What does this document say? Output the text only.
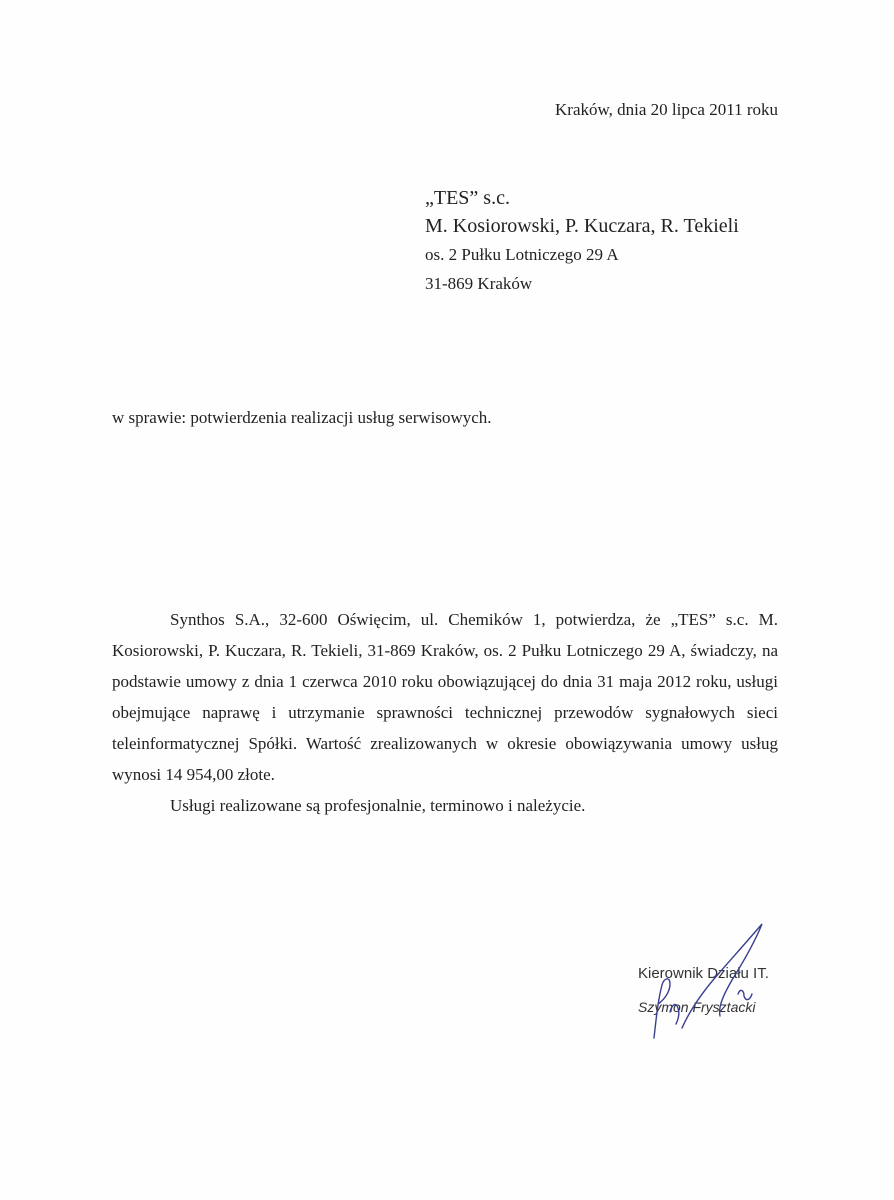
Kraków, dnia 20 lipca 2011 roku
„TES” s.c.
M. Kosiorowski, P. Kuczara, R. Tekieli
os. 2 Pułku Lotniczego 29 A
31-869 Kraków
w sprawie: potwierdzenia realizacji usług serwisowych.

Synthos S.A., 32-600 Oświęcim, ul. Chemików 1, potwierdza, że „TES” s.c. M. Kosiorowski, P. Kuczara, R. Tekieli, 31-869 Kraków, os. 2 Pułku Lotniczego 29 A, świadczy, na podstawie umowy z dnia 1 czerwca 2010 roku obowiązującej do dnia 31 maja 2012 roku, usługi obejmujące naprawę i utrzymanie sprawności technicznej przewodów sygnałowych sieci teleinformatycznej Spółki. Wartość zrealizowanych w okresie obowiązywania umowy usług wynosi 14 954,00 złote.

Usługi realizowane są profesjonalnie, terminowo i należycie.

Kierownik Działu IT.
Szymon Frysztacki
